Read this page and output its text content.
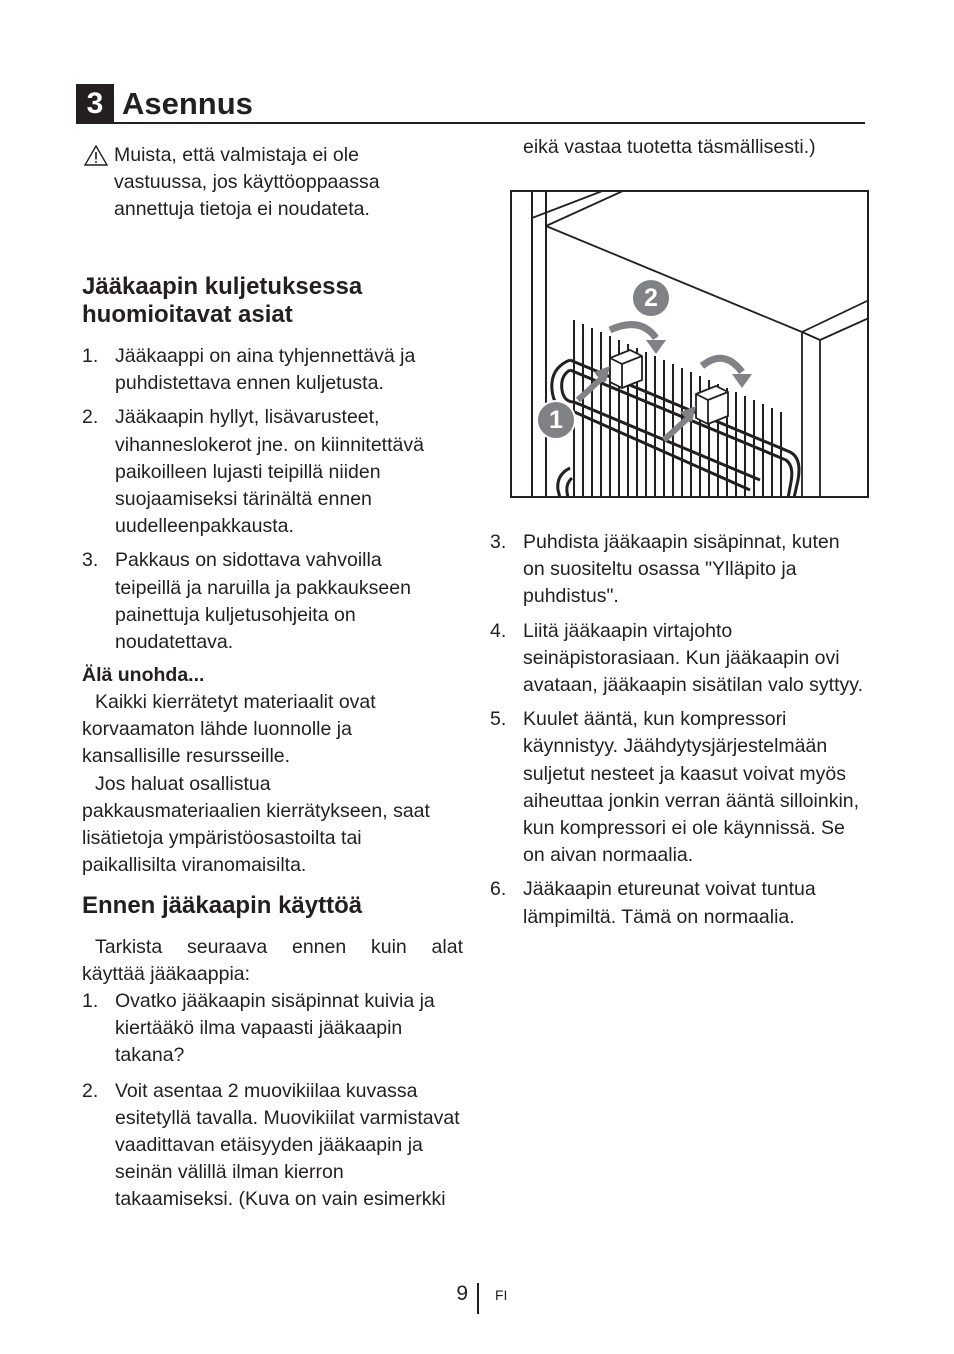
3 Asennus
Muista, että valmistaja ei ole vastuussa, jos käyttöoppaassa annettuja tietoja ei noudateta.
Jääkaapin kuljetuksessa
huomioitavat asiat
1. Jääkaappi on aina tyhjennettävä ja puhdistettava ennen kuljetusta.
2. Jääkaapin hyllyt, lisävarusteet, vihanneslokerot jne. on kiinnitettävä paikoilleen lujasti teipillä niiden suojaamiseksi tärinältä ennen uudelleenpakkausta.
3. Pakkaus on sidottava vahvoilla teipeillä ja naruilla ja pakkaukseen painettuja kuljetusohjeita on noudatettava.
Älä unohda...
Kaikki kierrätetyt materiaalit ovat korvaamaton lähde luonnolle ja kansallisille resursseille.
Jos haluat osallistua pakkausmateriaalien kierrätykseen, saat lisätietoja ympäristöosastoilta tai paikallisilta viranomaisilta.
Ennen jääkaapin käyttöä
Tarkista seuraava ennen kuin alat
käyttää jääkaappia:
1. Ovatko jääkaapin sisäpinnat kuivia ja kiertääkö ilma vapaasti jääkaapin takana?
2. Voit asentaa 2 muovikiilaa kuvassa esitetyllä tavalla. Muovikiilat varmistavat vaadittavan etäisyyden jääkaapin ja seinän välillä ilman kierron takaamiseksi. (Kuva on vain esimerkki
eikä vastaa tuotetta täsmällisesti.)
2
1
3. Puhdista jääkaapin sisäpinnat, kuten on suositeltu osassa "Ylläpito ja puhdistus".
4. Liitä jääkaapin virtajohto seinäpistorasiaan. Kun jääkaapin ovi avataan, jääkaapin sisätilan valo syttyy.
5. Kuulet ääntä, kun kompressori käynnistyy. Jäähdytysjärjestelmään suljetut nesteet ja kaasut voivat myös aiheuttaa jonkin verran ääntä silloinkin, kun kompressori ei ole käynnissä. Se on aivan normaalia.
6. Jääkaapin etureunat voivat tuntua lämpimiltä. Tämä on normaalia.
9 FI
